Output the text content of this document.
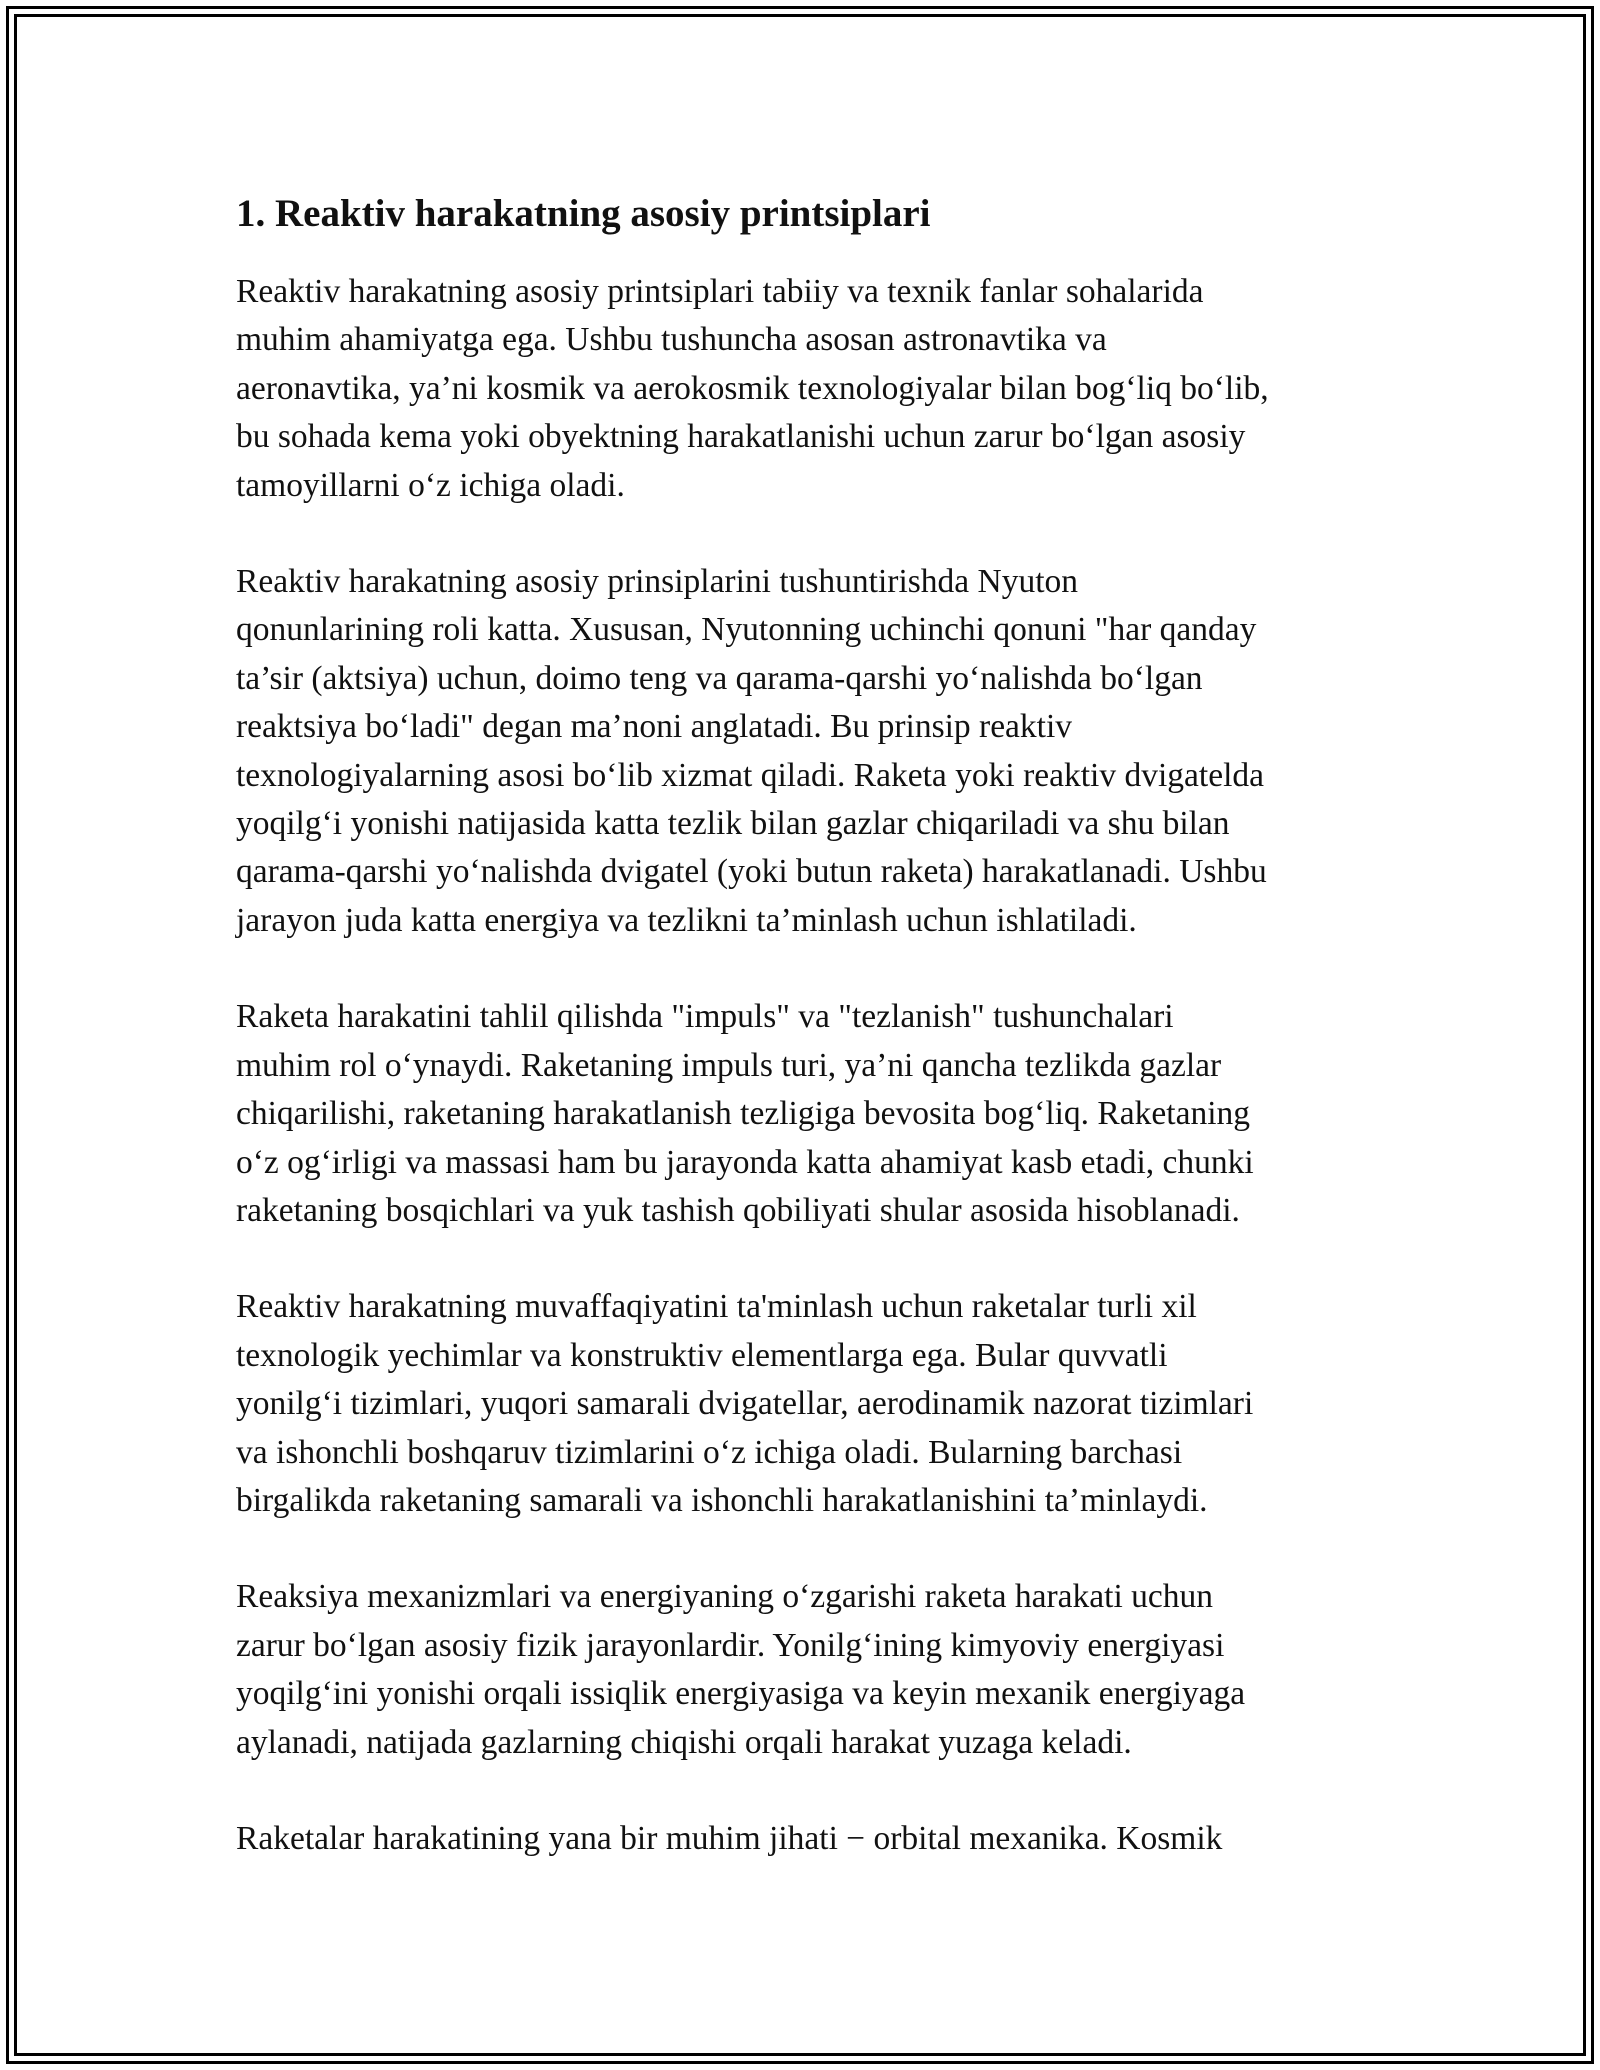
1. Reaktiv harakatning asosiy printsiplari

Reaktiv harakatning asosiy printsiplari tabiiy va texnik fanlar sohalarida
muhim ahamiyatga ega. Ushbu tushuncha asosan astronavtika va
aeronavtika, ya’ni kosmik va aerokosmik texnologiyalar bilan bog‘liq bo‘lib,
bu sohada kema yoki obyektning harakatlanishi uchun zarur bo‘lgan asosiy
tamoyillarni o‘z ichiga oladi.

Reaktiv harakatning asosiy prinsiplarini tushuntirishda Nyuton
qonunlarining roli katta. Xususan, Nyutonning uchinchi qonuni "har qanday
ta’sir (aktsiya) uchun, doimo teng va qarama-qarshi yo‘nalishda bo‘lgan
reaktsiya bo‘ladi" degan ma’noni anglatadi. Bu prinsip reaktiv
texnologiyalarning asosi bo‘lib xizmat qiladi. Raketa yoki reaktiv dvigatelda
yoqilg‘i yonishi natijasida katta tezlik bilan gazlar chiqariladi va shu bilan
qarama-qarshi yo‘nalishda dvigatel (yoki butun raketa) harakatlanadi. Ushbu
jarayon juda katta energiya va tezlikni ta’minlash uchun ishlatiladi.

Raketa harakatini tahlil qilishda "impuls" va "tezlanish" tushunchalari
muhim rol o‘ynaydi. Raketaning impuls turi, ya’ni qancha tezlikda gazlar
chiqarilishi, raketaning harakatlanish tezligiga bevosita bog‘liq. Raketaning
o‘z og‘irligi va massasi ham bu jarayonda katta ahamiyat kasb etadi, chunki
raketaning bosqichlari va yuk tashish qobiliyati shular asosida hisoblanadi.

Reaktiv harakatning muvaffaqiyatini ta'minlash uchun raketalar turli xil
texnologik yechimlar va konstruktiv elementlarga ega. Bular quvvatli
yonilg‘i tizimlari, yuqori samarali dvigatellar, aerodinamik nazorat tizimlari
va ishonchli boshqaruv tizimlarini o‘z ichiga oladi. Bularning barchasi
birgalikda raketaning samarali va ishonchli harakatlanishini ta’minlaydi.

Reaksiya mexanizmlari va energiyaning o‘zgarishi raketa harakati uchun
zarur bo‘lgan asosiy fizik jarayonlardir. Yonilg‘ining kimyoviy energiyasi
yoqilg‘ini yonishi orqali issiqlik energiyasiga va keyin mexanik energiyaga
aylanadi, natijada gazlarning chiqishi orqali harakat yuzaga keladi.

Raketalar harakatining yana bir muhim jihati − orbital mexanika. Kosmik
